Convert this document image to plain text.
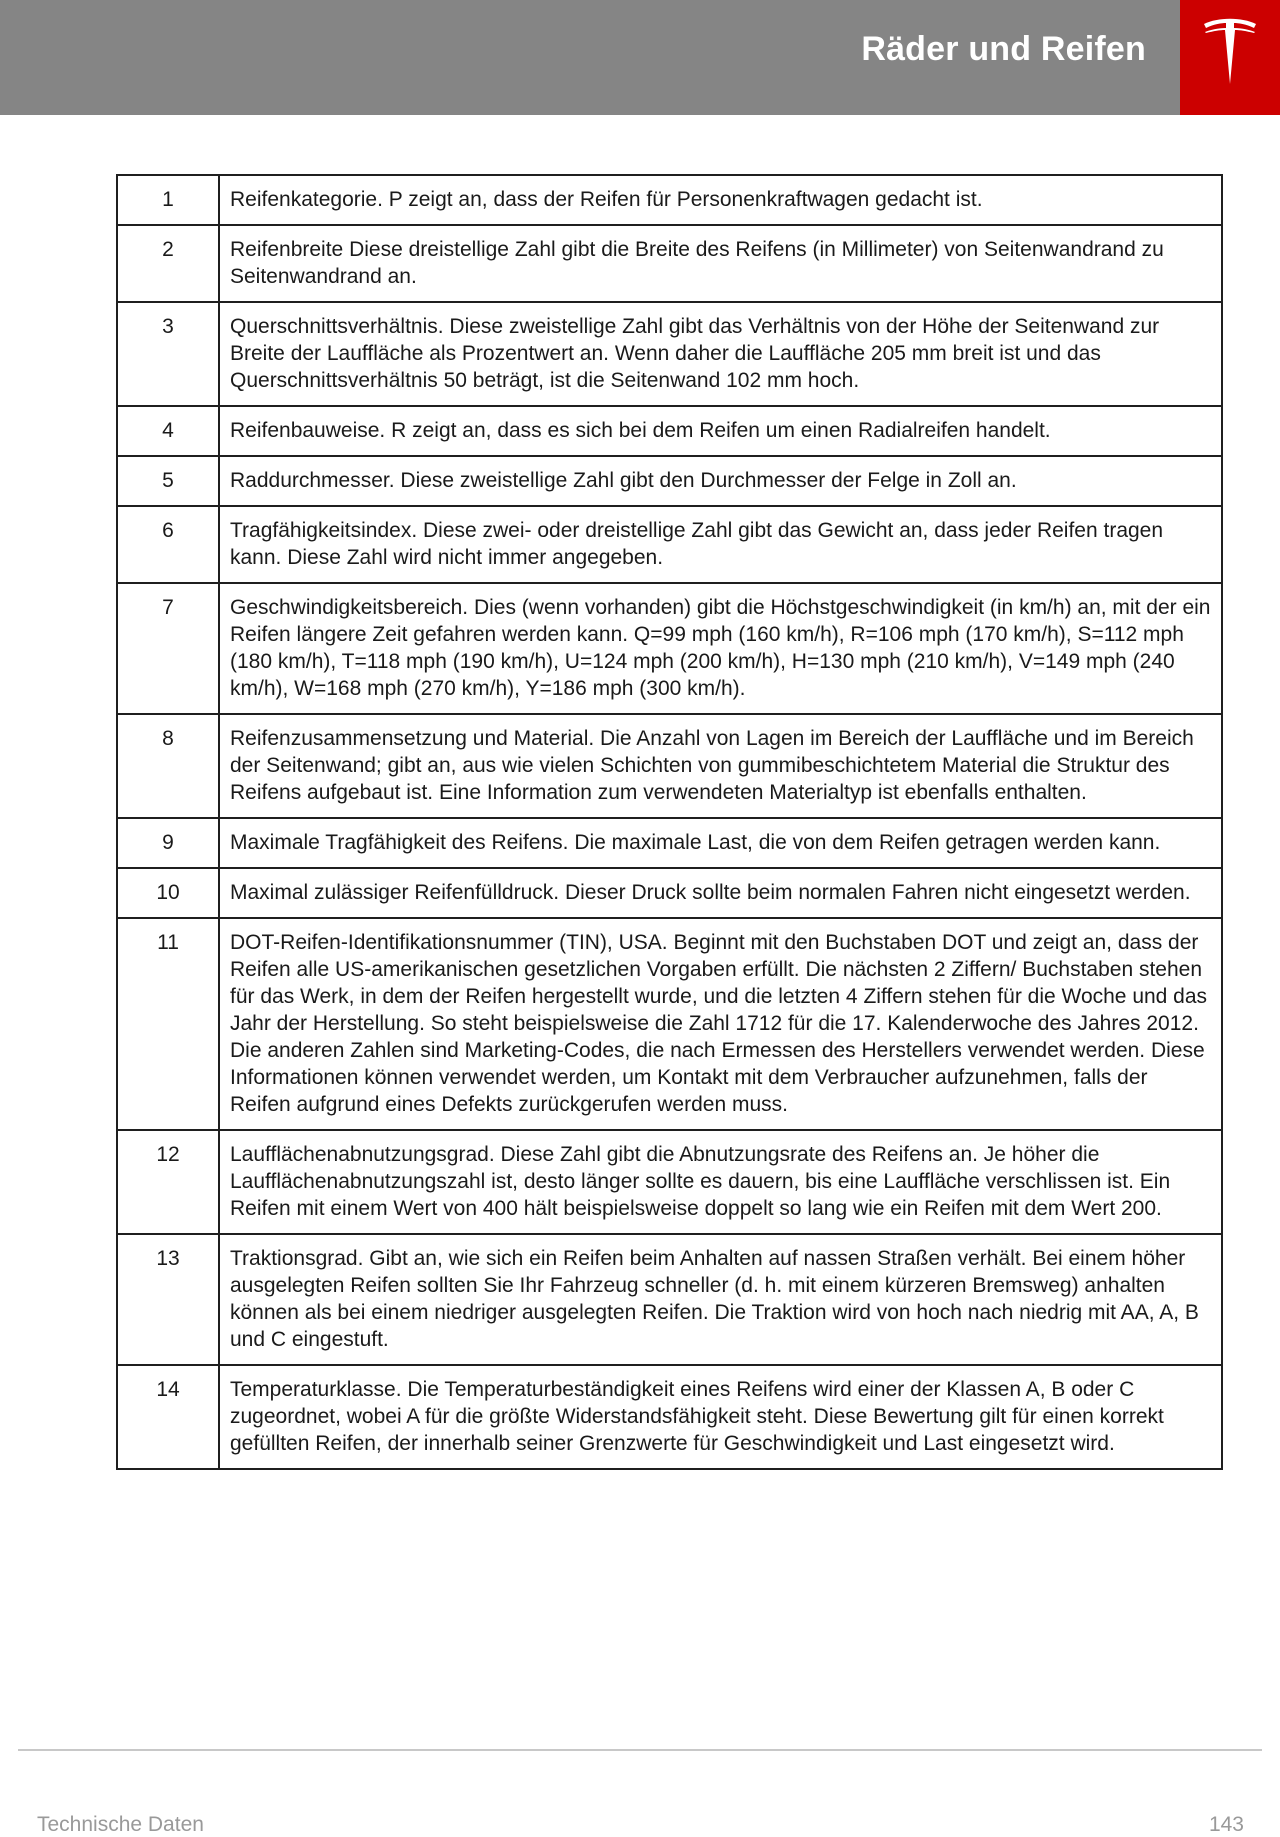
Räder und Reifen
1	Reifenkategorie. P zeigt an, dass der Reifen für Personenkraftwagen gedacht ist.
2	Reifenbreite Diese dreistellige Zahl gibt die Breite des Reifens (in Millimeter) von Seitenwandrand zu Seitenwandrand an.
3	Querschnittsverhältnis. Diese zweistellige Zahl gibt das Verhältnis von der Höhe der Seitenwand zur Breite der Lauffläche als Prozentwert an. Wenn daher die Lauffläche 205 mm breit ist und das Querschnittsverhältnis 50 beträgt, ist die Seitenwand 102 mm hoch.
4	Reifenbauweise. R zeigt an, dass es sich bei dem Reifen um einen Radialreifen handelt.
5	Raddurchmesser. Diese zweistellige Zahl gibt den Durchmesser der Felge in Zoll an.
6	Tragfähigkeitsindex. Diese zwei- oder dreistellige Zahl gibt das Gewicht an, dass jeder Reifen tragen kann. Diese Zahl wird nicht immer angegeben.
7	Geschwindigkeitsbereich. Dies (wenn vorhanden) gibt die Höchstgeschwindigkeit (in km/h) an, mit der ein Reifen längere Zeit gefahren werden kann. Q=99 mph (160 km/h), R=106 mph (170 km/h), S=112 mph (180 km/h), T=118 mph (190 km/h), U=124 mph (200 km/h), H=130 mph (210 km/h), V=149 mph (240 km/h), W=168 mph (270 km/h), Y=186 mph (300 km/h).
8	Reifenzusammensetzung und Material. Die Anzahl von Lagen im Bereich der Lauffläche und im Bereich der Seitenwand; gibt an, aus wie vielen Schichten von gummibeschichtetem Material die Struktur des Reifens aufgebaut ist. Eine Information zum verwendeten Materialtyp ist ebenfalls enthalten.
9	Maximale Tragfähigkeit des Reifens. Die maximale Last, die von dem Reifen getragen werden kann.
10	Maximal zulässiger Reifenfülldruck. Dieser Druck sollte beim normalen Fahren nicht eingesetzt werden.
11	DOT-Reifen-Identifikationsnummer (TIN), USA. Beginnt mit den Buchstaben DOT und zeigt an, dass der Reifen alle US-amerikanischen gesetzlichen Vorgaben erfüllt. Die nächsten 2 Ziffern/ Buchstaben stehen für das Werk, in dem der Reifen hergestellt wurde, und die letzten 4 Ziffern stehen für die Woche und das Jahr der Herstellung. So steht beispielsweise die Zahl 1712 für die 17. Kalenderwoche des Jahres 2012. Die anderen Zahlen sind Marketing-Codes, die nach Ermessen des Herstellers verwendet werden. Diese Informationen können verwendet werden, um Kontakt mit dem Verbraucher aufzunehmen, falls der Reifen aufgrund eines Defekts zurückgerufen werden muss.
12	Laufflächenabnutzungsgrad. Diese Zahl gibt die Abnutzungsrate des Reifens an. Je höher die Laufflächenabnutzungszahl ist, desto länger sollte es dauern, bis eine Lauffläche verschlissen ist. Ein Reifen mit einem Wert von 400 hält beispielsweise doppelt so lang wie ein Reifen mit dem Wert 200.
13	Traktionsgrad. Gibt an, wie sich ein Reifen beim Anhalten auf nassen Straßen verhält. Bei einem höher ausgelegten Reifen sollten Sie Ihr Fahrzeug schneller (d. h. mit einem kürzeren Bremsweg) anhalten können als bei einem niedriger ausgelegten Reifen. Die Traktion wird von hoch nach niedrig mit AA, A, B und C eingestuft.
14	Temperaturklasse. Die Temperaturbeständigkeit eines Reifens wird einer der Klassen A, B oder C zugeordnet, wobei A für die größte Widerstandsfähigkeit steht. Diese Bewertung gilt für einen korrekt gefüllten Reifen, der innerhalb seiner Grenzwerte für Geschwindigkeit und Last eingesetzt wird.
Technische Daten	143
